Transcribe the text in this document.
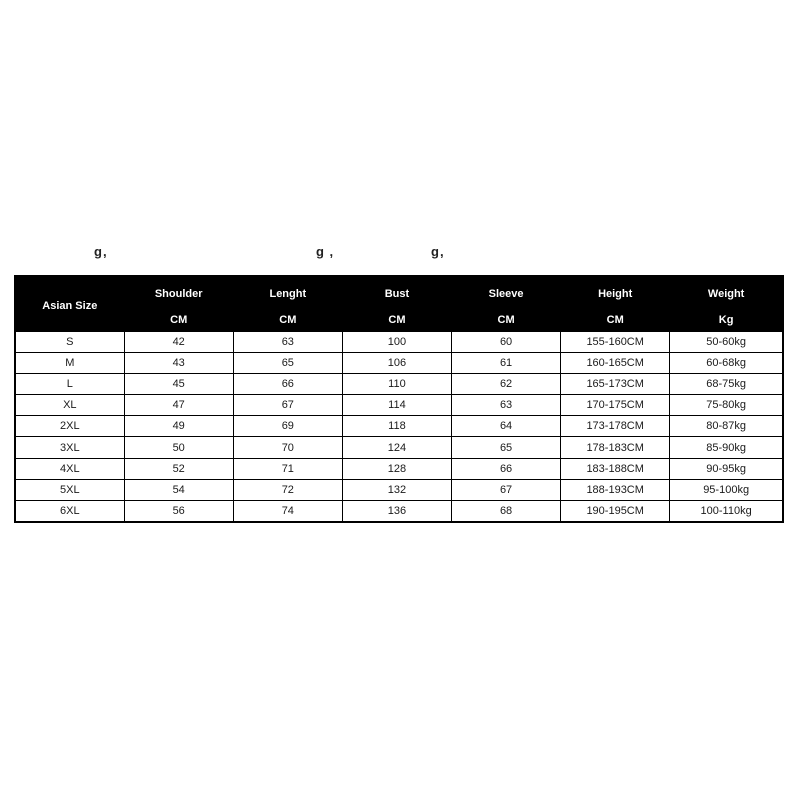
g,	g ,	g,
Asian Size	Shoulder	Lenght	Bust	Sleeve	Height	Weight
	CM	CM	CM	CM	CM	Kg
S	42	63	100	60	155-160CM	50-60kg
M	43	65	106	61	160-165CM	60-68kg
L	45	66	110	62	165-173CM	68-75kg
XL	47	67	114	63	170-175CM	75-80kg
2XL	49	69	118	64	173-178CM	80-87kg
3XL	50	70	124	65	178-183CM	85-90kg
4XL	52	71	128	66	183-188CM	90-95kg
5XL	54	72	132	67	188-193CM	95-100kg
6XL	56	74	136	68	190-195CM	100-110kg
